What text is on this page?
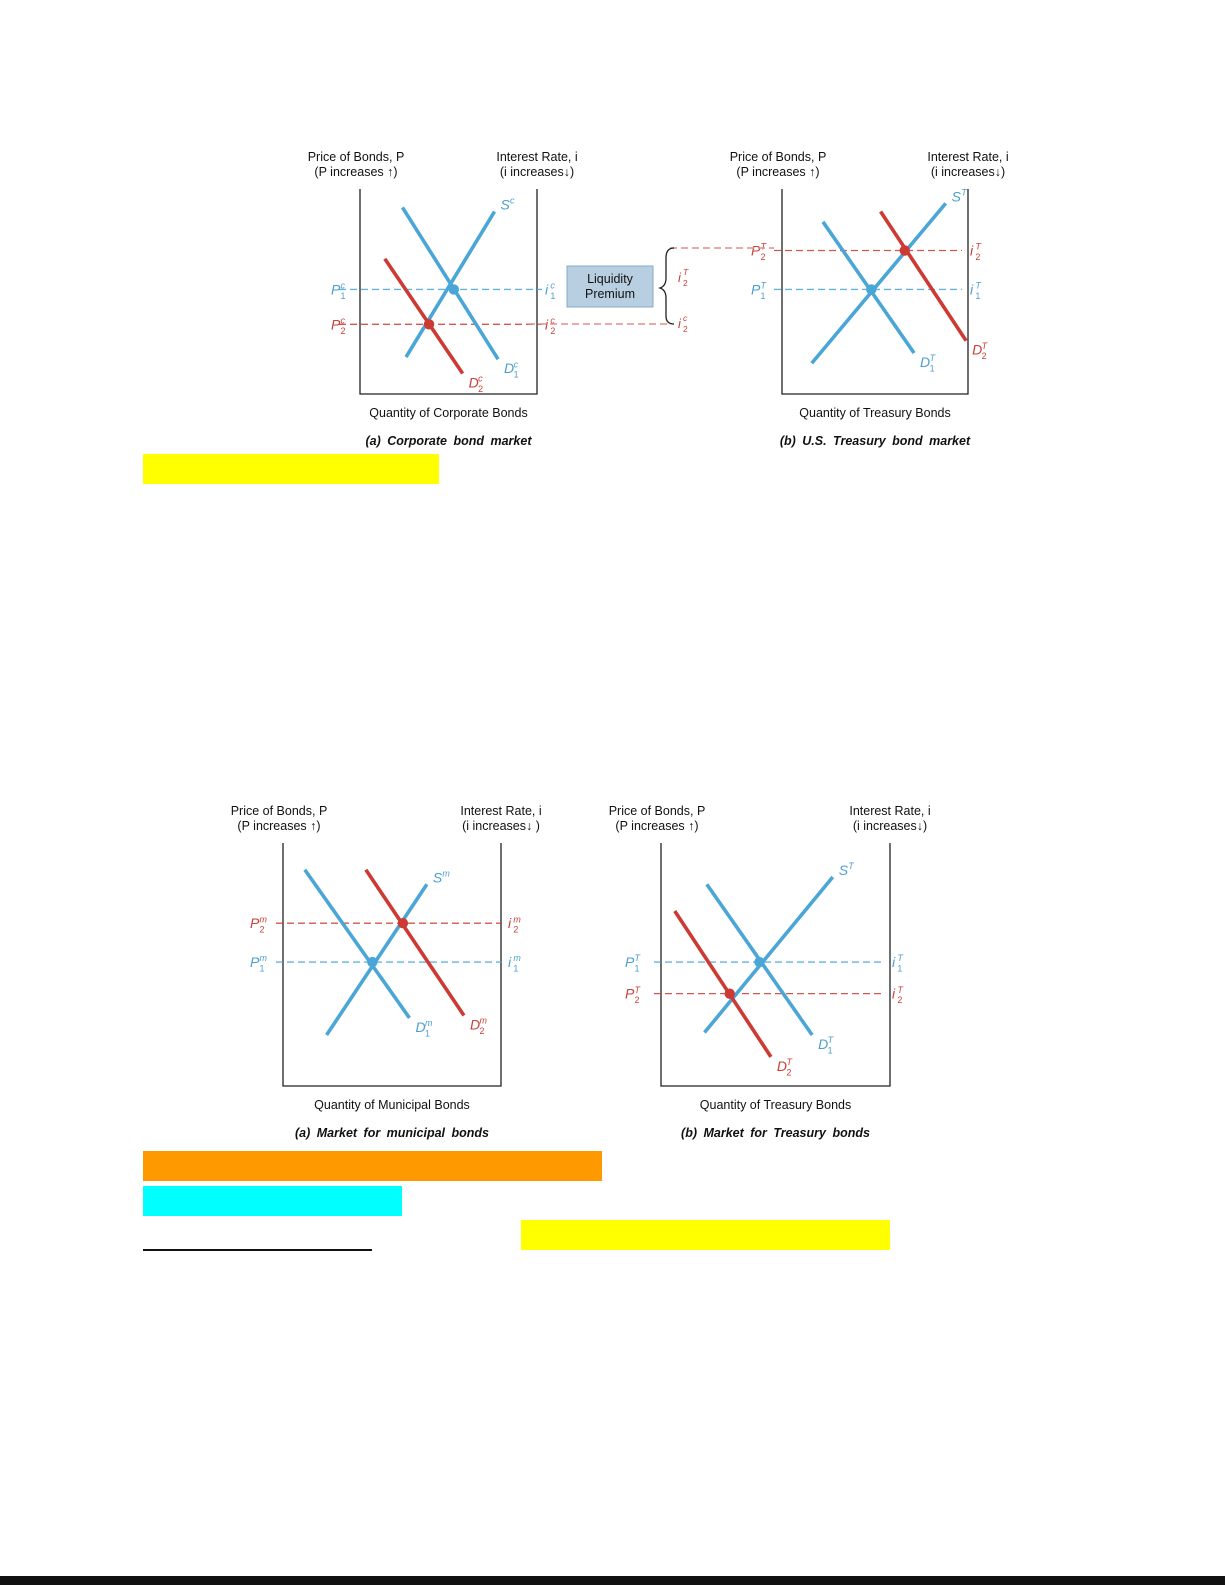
Price of Bonds, P
(P increases ↑)
Interest Rate, i
(i increases↓)
Quantity of Corporate Bonds
(a) Corporate bond market
P c
1	i c
1
P c
2	i c
2
S c
D c
1
D c
2
Price of Bonds, P
(P increases ↑)
Interest Rate, i
(i increases↓)
Quantity of Treasury Bonds
(b) U.S. Treasury bond market
P T
2	i T
2
P T
1	i T
1
S T
D T
1
D T
2
Price of Bonds, P
(P increases ↑)
Interest Rate, i
(i increases↓ )
Quantity of Municipal Bonds
(a) Market for municipal bonds
P m
2	i m
2
P m
1	i m
1
S m
D m
1
D m
2
Price of Bonds, P
(P increases ↑)
Interest Rate, i
(i increases↓)
Quantity of Treasury Bonds
(b) Market for Treasury bonds
P T
1	i T
1
P T
2	i T
2
S T
D T
1
D T
2
Liquidity
Premium
i T
2
i c
2
